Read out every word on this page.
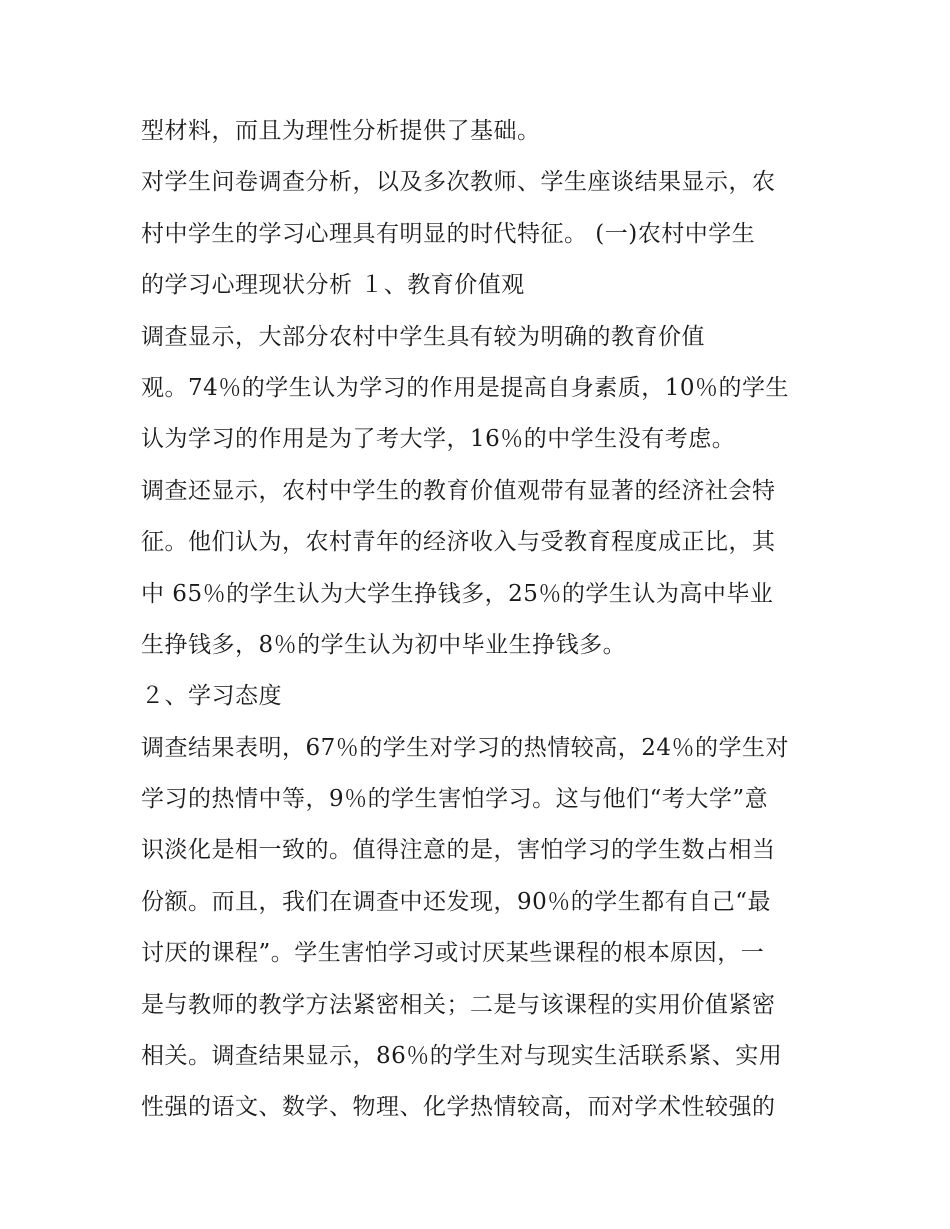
型材料，而且为理性分析提供了基础。
对学生问卷调查分析，以及多次教师、学生座谈结果显示，农
村中学生的学习心理具有明显的时代特征。 (一)农村中学生
的学习心理现状分析 １、教育价值观
调查显示，大部分农村中学生具有较为明确的教育价值
观。74％的学生认为学习的作用是提高自身素质，10％的学生
认为学习的作用是为了考大学，16％的中学生没有考虑。
调查还显示，农村中学生的教育价值观带有显著的经济社会特
征。他们认为，农村青年的经济收入与受教育程度成正比，其
中 65％的学生认为大学生挣钱多，25％的学生认为高中毕业
生挣钱多，8％的学生认为初中毕业生挣钱多。
２、学习态度
调查结果表明，67％的学生对学习的热情较高，24％的学生对
学习的热情中等，9％的学生害怕学习。这与他们“考大学”意
识淡化是相一致的。值得注意的是，害怕学习的学生数占相当
份额。而且，我们在调查中还发现，90％的学生都有自己“最
讨厌的课程”。学生害怕学习或讨厌某些课程的根本原因，一
是与教师的教学方法紧密相关；二是与该课程的实用价值紧密
相关。调查结果显示，86％的学生对与现实生活联系紧、实用
性强的语文、数学、物理、化学热情较高，而对学术性较强的
